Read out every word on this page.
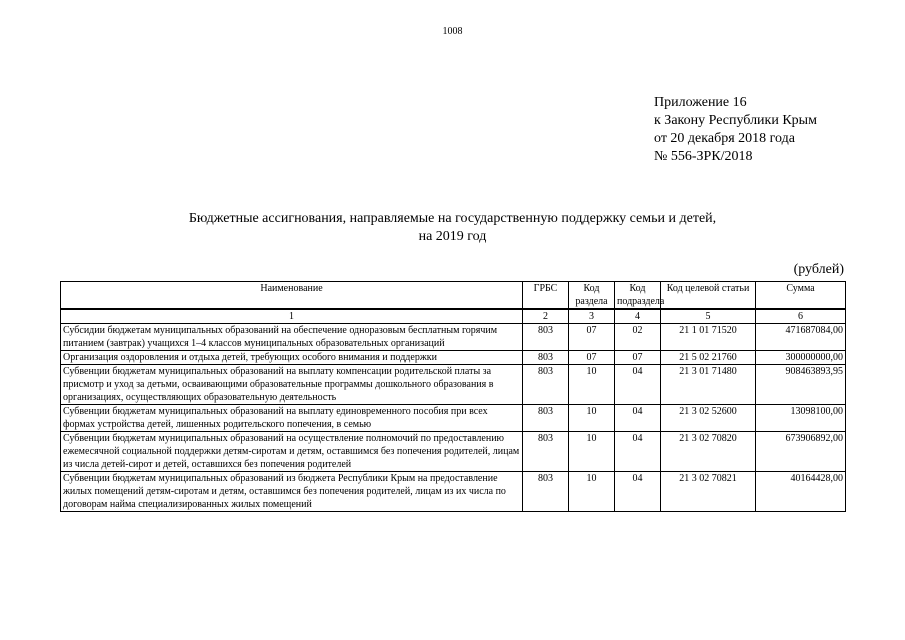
1008
Приложение 16
к Закону Республики Крым
от 20 декабря 2018 года
№ 556-ЗРК/2018
Бюджетные ассигнования, направляемые на государственную поддержку семьи и детей,
на 2019 год
(рублей)
Наименование	ГРБС	Код раздела	Код подраздела	Код целевой статьи	Сумма
1	2	3	4	5	6
Субсидии бюджетам муниципальных образований на обеспечение одноразовым бесплатным горячим питанием (завтрак) учащихся 1–4 классов муниципальных образовательных организаций	803	07	02	21 1 01 71520	471687084,00
Организация оздоровления и отдыха детей, требующих особого внимания и поддержки	803	07	07	21 5 02 21760	300000000,00
Субвенции бюджетам муниципальных образований на выплату компенсации родительской платы за присмотр и уход за детьми, осваивающими образовательные программы дошкольного образования в организациях, осуществляющих образовательную деятельность	803	10	04	21 3 01 71480	908463893,95
Субвенции бюджетам муниципальных образований на выплату единовременного пособия при всех формах устройства детей, лишенных родительского попечения, в семью	803	10	04	21 3 02 52600	13098100,00
Субвенции бюджетам муниципальных образований на осуществление полномочий по предоставлению ежемесячной социальной поддержки детям-сиротам и детям, оставшимся без попечения родителей, лицам из числа детей-сирот и детей, оставшихся без попечения родителей	803	10	04	21 3 02 70820	673906892,00
Субвенции бюджетам муниципальных образований из бюджета Республики Крым на предоставление жилых помещений детям-сиротам и детям, оставшимся без попечения родителей, лицам из их числа по договорам найма специализированных жилых помещений	803	10	04	21 3 02 70821	40164428,00
